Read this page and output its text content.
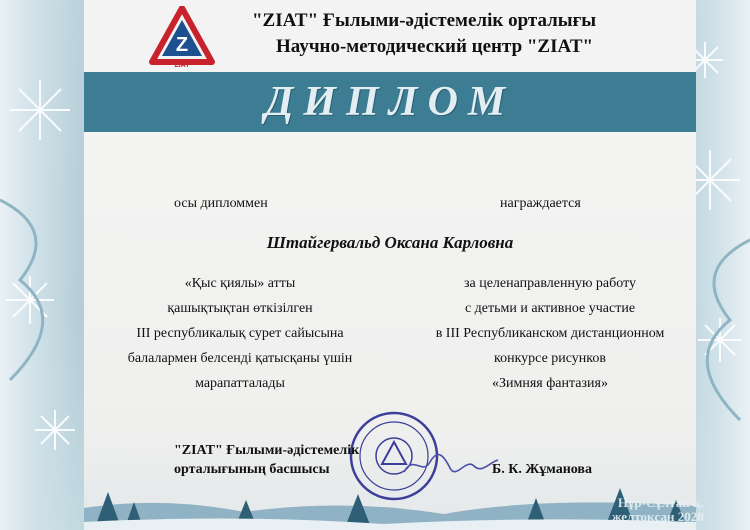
Z
ZIAT
"ZIAT" Ғылыми-әдістемелік орталығы
Научно-методический центр "ZIAT"
ДИПЛОМ
осы дипломмен	награждается
Штайгервальд Оксана Карловна
«Қыс қиялы» атты
қашықтықтан өткізілген
III республикалық сурет сайысына
балалармен белсенді қатысқаны үшін
марапатталады
за целенаправленную работу
с детьми и активное участие
в III Республиканском дистанционном
конкурсе рисунков
«Зимняя фантазия»
"ZIAT" Ғылыми-әдістемелік
орталығының басшысы	Б. К. Жұманова
Нұр-Сұлтан қ.
желтоқсан 2020
